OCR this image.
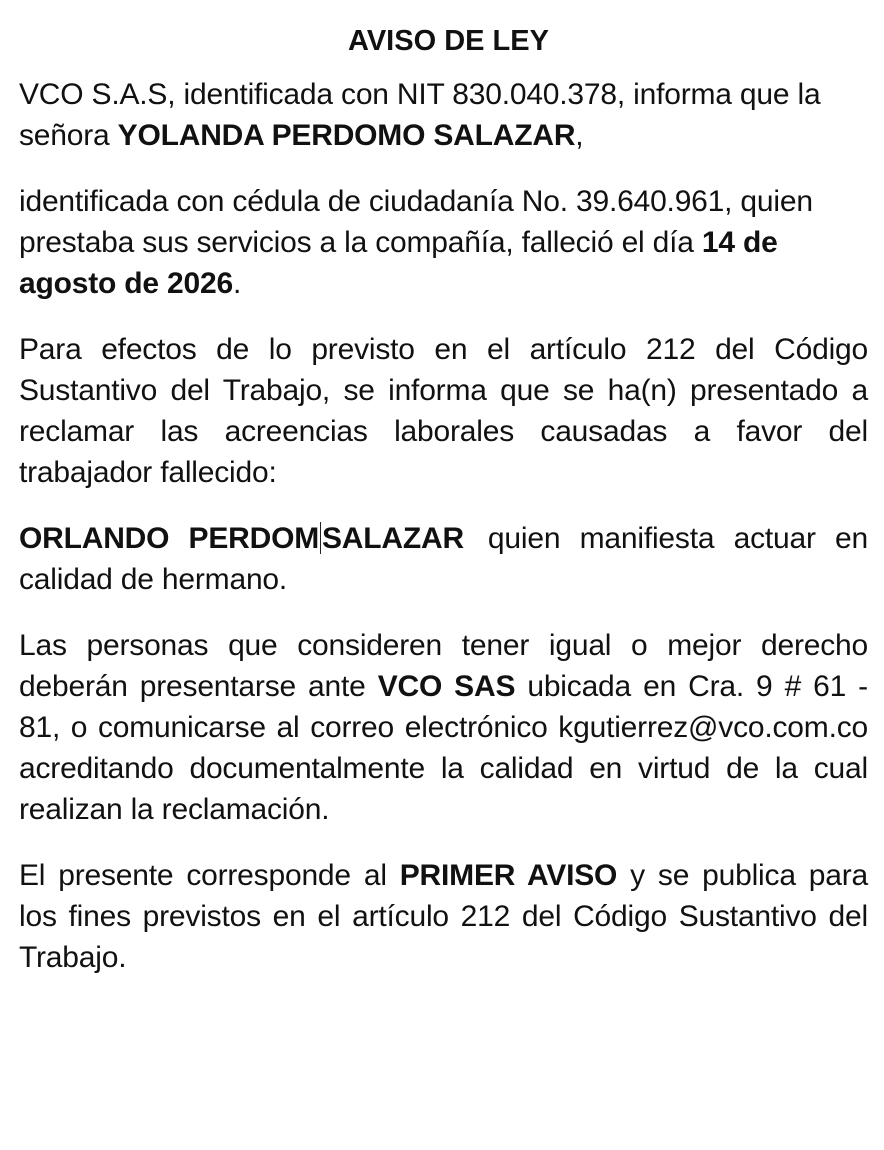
AVISO DE LEY

VCO S.A.S, identificada con NIT 830.040.378, informa que la señora YOLANDA PERDOMO SALAZAR,

identificada con cédula de ciudadanía No. 39.640.961, quien prestaba sus servicios a la compañía, falleció el día 14 de agosto de 2026.

Para efectos de lo previsto en el artículo 212 del Código Sustantivo del Trabajo, se informa que se ha(n) presentado a reclamar las acreencias laborales causadas a favor del trabajador fallecido:

ORLANDO PERDOM SALAZAR quien manifiesta actuar en calidad de hermano.

Las personas que consideren tener igual o mejor derecho deberán presentarse ante VCO SAS ubicada en Cra. 9 # 61 - 81, o comunicarse al correo electrónico kgutierrez@vco.com.co acreditando documentalmente la calidad en virtud de la cual realizan la reclamación.

El presente corresponde al PRIMER AVISO y se publica para los fines previstos en el artículo 212 del Código Sustantivo del Trabajo.
